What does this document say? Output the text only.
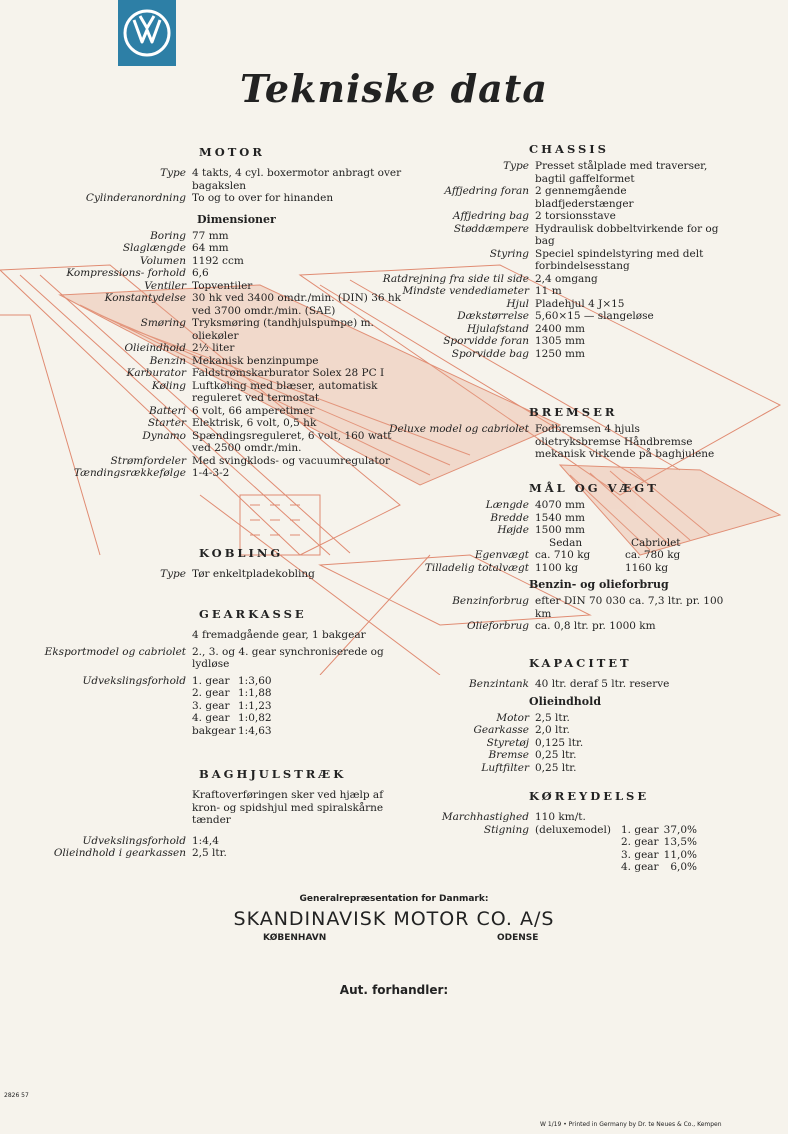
Tekniske data
MOTOR
Type 4 takts, 4 cyl. boxermotor anbragt over bagakslen
Cylinderanordning To og to over for hinanden
Dimensioner
Boring 77 mm
Slaglængde 64 mm
Volumen 1192 ccm
Kompressions- forhold 6,6
Ventiler Topventiler
Konstantydelse 30 hk ved 3400 omdr./min. (DIN) 36 hk ved 3700 omdr./min. (SAE)
Smøring Tryksmøring (tandhjulspumpe) m. oliekøler
Olieindhold 2½ liter
Benzin Mekanisk benzinpumpe
Karburator Faldstrømskarburator Solex 28 PC I
Køling Luftkøling med blæser, automatisk reguleret ved termostat
Batteri 6 volt, 66 amperetimer
Starter Elektrisk, 6 volt, 0,5 hk
Dynamo Spændingsreguleret, 6 volt, 160 watt ved 2500 omdr./min.
Strømfordeler Med svingklods- og vacuumregulator
Tændingsrækkefølge 1-4-3-2
KOBLING
Type Tør enkeltpladekobling
GEARKASSE
4 fremadgående gear, 1 bakgear
Eksportmodel og cabriolet 2., 3. og 4. gear synchroniserede og lydløse
Udvekslingsforhold 1. gear 1:3,60
2. gear 1:1,88
3. gear 1:1,23
4. gear 1:0,82
bakgear 1:4,63
BAGHJULSTRÆK
Kraftoverføringen sker ved hjælp af kron- og spidshjul med spiralskårne tænder
Udvekslingsforhold 1:4,4
Olieindhold i gearkassen 2,5 ltr.
CHASSIS
Type Presset stålplade med traverser, bagtil gaffelformet
Affjedring foran 2 gennemgående bladfjederstænger
Affjedring bag 2 torsionsstave
Støddæmpere Hydraulisk dobbeltvirkende for og bag
Styring Speciel spindelstyring med delt forbindelsesstang
Ratdrejning fra side til side 2,4 omgang
Mindste vendediameter 11 m
Hjul Pladehjul 4 J×15
Dækstørrelse 5,60×15 — slangeløse
Hjulafstand 2400 mm
Sporvidde foran 1305 mm
Sporvidde bag 1250 mm
BREMSER
Deluxe model og cabriolet Fodbremsen 4 hjuls olietryksbremse Håndbremse mekanisk virkende på baghjulene
MÅL OG VÆGT
Længde 4070 mm
Bredde 1540 mm
Højde 1500 mm
Sedan	Cabriolet
Egenvægt ca. 710 kg	ca. 780 kg
Tilladelig totalvægt 1100 kg	1160 kg
Benzin- og olieforbrug
Benzinforbrug efter DIN 70 030 ca. 7,3 ltr. pr. 100 km
Olieforbrug ca. 0,8 ltr. pr. 1000 km
KAPACITET
Benzintank 40 ltr. deraf 5 ltr. reserve
Olieindhold
Motor 2,5 ltr.
Gearkasse 2,0 ltr.
Styretøj 0,125 ltr.
Bremse 0,25 ltr.
Luftfilter 0,25 ltr.
KØREYDELSE
Marchhastighed 110 km/t.
Stigning (deluxemodel) 1. gear 37,0%
2. gear 13,5%
3. gear 11,0%
4. gear	6,0%
Generalrepræsentation for Danmark:
SKANDINAVISK MOTOR CO. A/S
KØBENHAVN	ODENSE
Aut. forhandler:
2826 57
W 1/19 • Printed in Germany by Dr. te Neues & Co., Kempen
